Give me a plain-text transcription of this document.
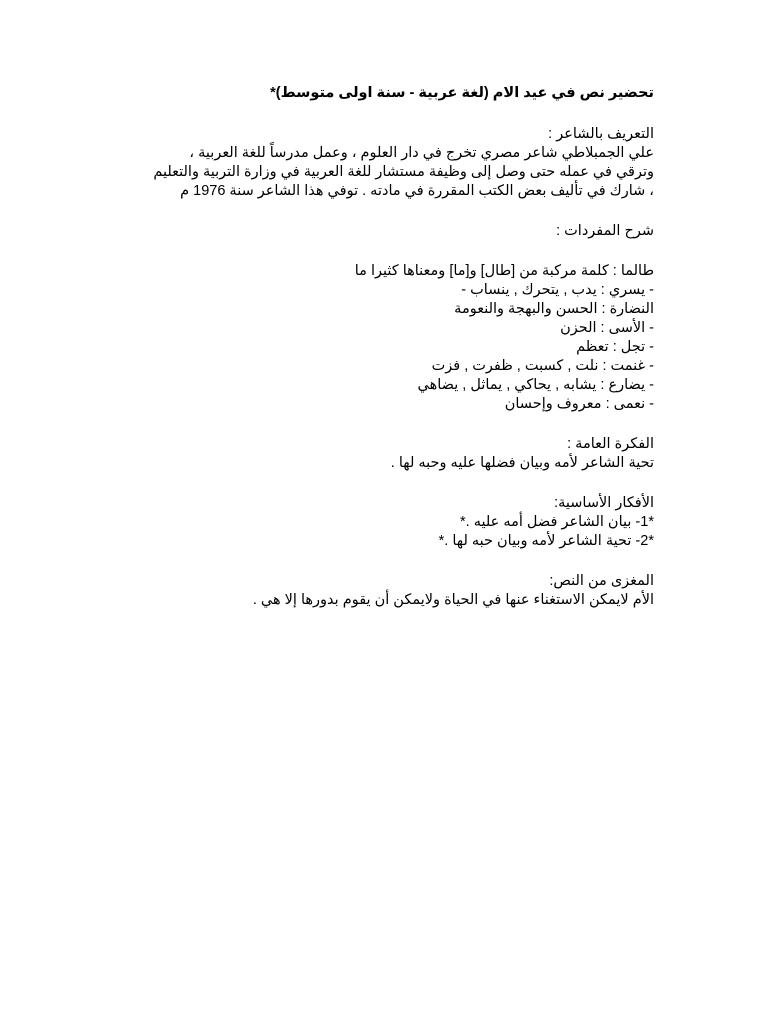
تحضير نص في عيد الام (لغة عربية - سنة اولى متوسط)*

التعريف بالشاعر :

علي الجمبلاطي شاعر مصري تخرج في دار العلوم ، وعمل مدرساً للغة العربية ، وترقي في عمله حتى وصل إلى وظيفة مستشار للغة العربية في وزارة التربية والتعليم ، شارك في تأليف بعض الكتب المقررة في مادته . توفي هذا الشاعر سنة 1976 م

شرح المفردات :

طالما : كلمة مركبة من [طال] و[ما] ومعناها كثيرا ما

- يسري : يدب , يتحرك , ينساب -

النضارة : الحسن والبهجة والنعومة

- الأسى : الحزن

- تجل : تعظم

- غنمت : نلت , كسبت , ظفرت , فزت

- يضارع : يشابه , يحاكي , يماثل , يضاهي

- نعمى : معروف وإحسان

الفكرة العامة :

تحية الشاعر لأمه وبيان فضلها عليه وحبه لها .

الأفكار الأساسية:

*1- بيان الشاعر فضل أمه عليه .*

*2- تحية الشاعر لأمه وبيان حبه لها .*

المغزى من النص:

الأم لايمكن الاستغناء عنها في الحياة ولايمكن أن يقوم بدورها إلا هي .
